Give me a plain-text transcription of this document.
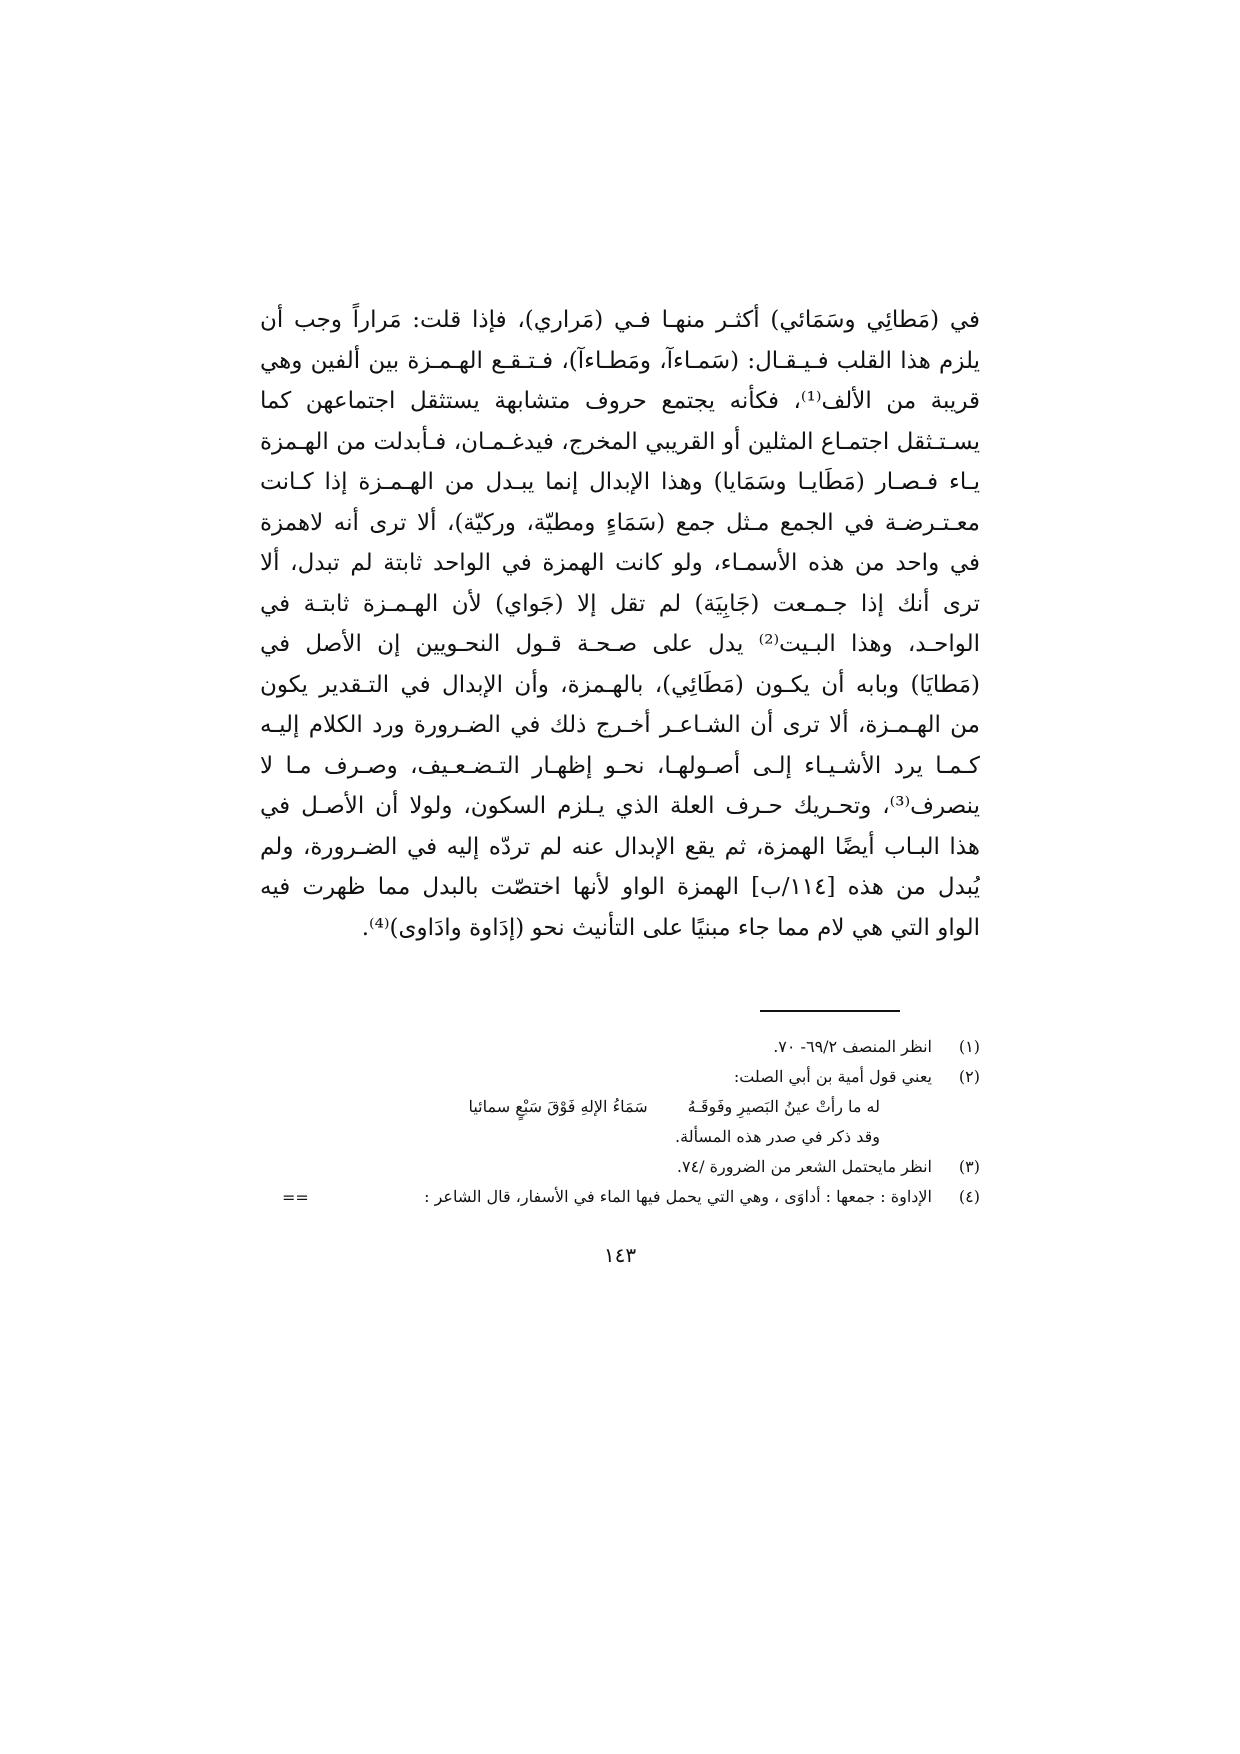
في (مَطائِي وسَمَائي) أكثـر منهـا فـي (مَراري)، فإذا قلت: مَراراً وجب أن
يلزم هذا القلب فـيـقـال: (سَمـاءآ، ومَطـاءآ)، فـتـقـع الهـمـزة بين ألفين وهي
قريبة من الألف⁽¹⁾، فكأنه يجتمع حروف متشابهة يستثقل اجتماعهن كما
يسـتـثقل اجتمـاع المثلين أو القريبي المخرج، فيدغـمـان، فـأبدلت من الهـمزة
يـاء فـصـار (مَطَايـا وسَمَايا) وهذا الإبدال إنما يبـدل من الهـمـزة إذا كـانت
معـتـرضـة في الجمع مـثل جمع (سَمَاءٍ ومطيّة، وركيّة)، ألا ترى أنه لاهمزة
في واحد من هذه الأسمـاء، ولو كانت الهمزة في الواحد ثابتة لم تبدل، ألا
ترى أنك إذا جـمـعت (جَابِيَة) لم تقل إلا (جَواي) لأن الهـمـزة ثابتـة في
الواحـد، وهذا البـيت⁽²⁾ يدل على صـحـة قـول النحـويين إن الأصل في
(مَطايَا) وبابه أن يكـون (مَطَائِي)، بالهـمزة، وأن الإبدال في التـقدير يكون
من الهـمـزة، ألا ترى أن الشـاعـر أخـرج ذلك في الضـرورة ورد الكلام إليـه
كـمـا يرد الأشـيـاء إلـى أصـولهـا، نحـو إظهـار التـضـعـيف، وصـرف مـا لا
ينصرف⁽³⁾، وتحـريك حـرف العلة الذي يـلزم السكون، ولولا أن الأصـل في
هذا البـاب أيضًا الهمزة، ثم يقع الإبدال عنه لم تردّه إليه في الضـرورة، ولم
يُبدل من هذه [١١٤/ب] الهمزة الواو لأنها اختصّت بالبدل مما ظهرت فيه
الواو التي هي لام مما جاء مبنيًا على التأنيث نحو (إدَاوة وادَاوى)⁽⁴⁾.
(١)
انظر المنصف ٦٩/٢- ٧٠.
(٢)
يعني قول أمية بن أبي الصلت:
له ما رأتْ عينُ البَصيرِ وفَوقَـهُ
سَمَاءُ الإلهِ فَوْقَ سَبْعٍ سمائيا
وقد ذكر في صدر هذه المسألة.
(٣)
انظر مايحتمل الشعر من الضرورة /٧٤.
(٤)
الإداوة : جمعها : أداوَى ، وهي التي يحمل فيها الماء في الأسفار، قال الشاعر :
==
١٤٣
